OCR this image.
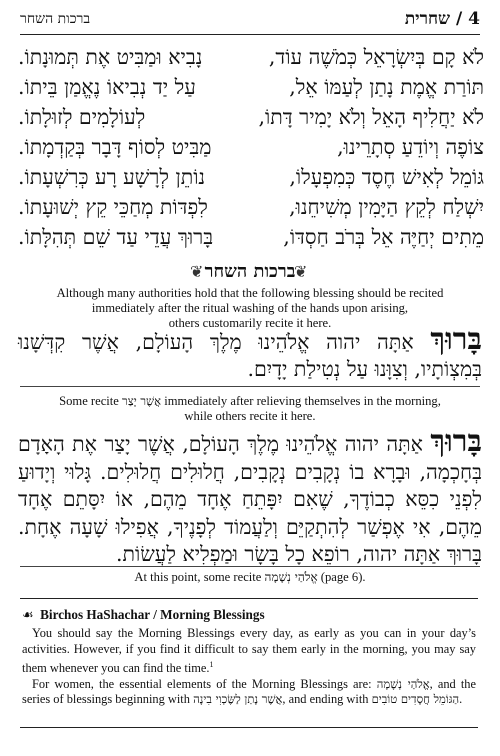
4 / שחרית
ברכות השחר
לֹא קָם בְּיִשְׂרָאֵל כְּמֹשֶׁה עוֹד,
נָבִיא וּמַבִּיט אֶת תְּמוּנָתוֹ.
תּוֹרַת אֱמֶת נָתַן לְעַמּוֹ אֵל,
עַל יַד נְבִיאוֹ נֶאֱמַן בֵּיתוֹ.
לֹא יַחֲלִיף הָאֵל וְלֹא יָמִיר דָּתוֹ,
לְעוֹלָמִים לְזוּלָתוֹ.
צוֹפֶה וְיוֹדֵעַ סְתָרֵינוּ,
מַבִּיט לְסוֹף דָּבָר בְּקַדְמָתוֹ.
גּוֹמֵל לְאִישׁ חֶסֶד כְּמִפְעָלוֹ,
נוֹתֵן לְרָשָׁע רָע כְּרִשְׁעָתוֹ.
יִשְׁלַח לְקֵץ הַיָּמִין מְשִׁיחֵנוּ,
לִפְדּוֹת מְחַכֵּי קֵץ יְשׁוּעָתוֹ.
מֵתִים יְחַיֶּה אֵל בְּרֹב חַסְדּוֹ,
בָּרוּךְ עֲדֵי עַד שֵׁם תְּהִלָּתוֹ.
❦ ברכות השחר
❦
Although many authorities hold that the following blessing should be recited
immediately after the ritual washing of the hands upon arising,
others customarily recite it here.	בָּרוּךְ אַתָּה יהוה אֱלֹהֵינוּ מֶלֶךְ הָעוֹלָם, אֲשֶׁר קִדְּשָׁנוּ בְּמִצְוֹתָיו, וְצִוָּנוּ עַל נְטִילַת יָדָיִם.
Some recite אֲשֶׁר יָצַר immediately after relieving themselves in the morning,
while others recite it here.
בָּרוּךְ אַתָּה יהוה אֱלֹהֵינוּ מֶלֶךְ הָעוֹלָם, אֲשֶׁר יָצַר אֶת הָאָדָם בְּחָכְמָה, וּבָרָא בוֹ נְקָבִים נְקָבִים, חֲלוּלִים חֲלוּלִים. גָּלוּי וְיָדוּעַ לִפְנֵי כִסֵּא כְבוֹדֶךָ, שֶׁאִם יִפָּתֵחַ אֶחָד מֵהֶם, אוֹ יִסָּתֵם אֶחָד מֵהֶם, אִי אֶפְשַׁר לְהִתְקַיֵּם וְלַעֲמוֹד לְפָנֶיךָ, אֲפִילוּ שָׁעָה אֶחָת. בָּרוּךְ אַתָּה יהוה, רוֹפֵא כָל בָּשָׂר וּמַפְלִיא לַעֲשׂוֹת.
At this point, some recite אֱלֹהַי נְשָׁמָה (page 6).
☙ Birchos HaShachar / Morning Blessings

You should say the Morning Blessings every day, as early as you can in your day’s activities. However, if you find it difficult to say them early in the morning, you may say them whenever you can find the time.$^1$

For women, the essential elements of the Morning Blessings are: אֱלֹהַי נְשָׁמָה, and the series of blessings beginning with אֲשֶׁר נָתַן לַשֶּׂכְוִי בִינָה, and ending with הַגּוֹמֵל חֲסָדִים טוֹבִים.
